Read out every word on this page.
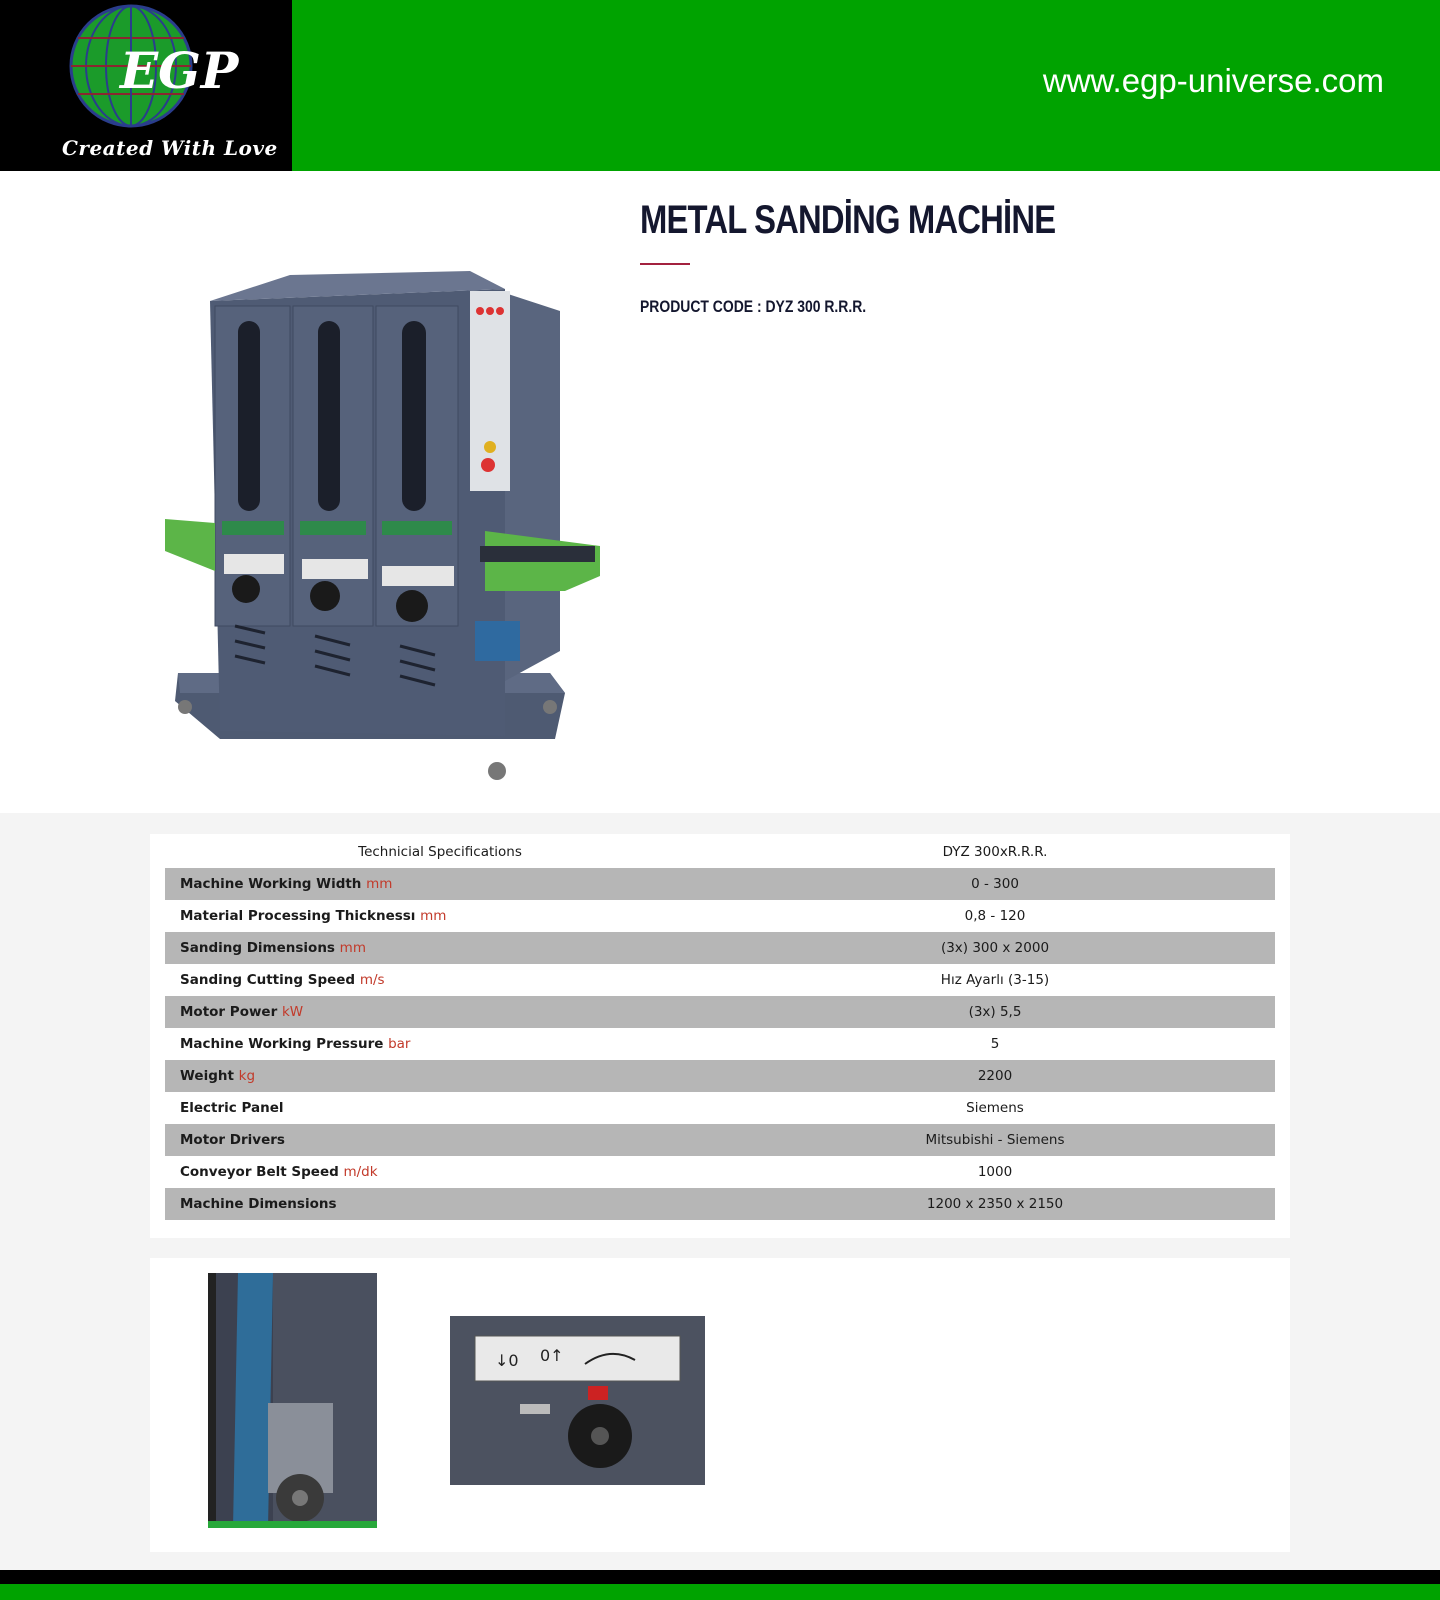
EGP
Created With Love
www.egp-universe.com
METAL SANDİNG MACHİNE
PRODUCT CODE : DYZ 300 R.R.R.
Technicial Specifications	DYZ 300xR.R.R.
Machine Working Width mm	0 - 300
Material Processing Thicknessı mm	0,8 - 120
Sanding Dimensions mm	(3x) 300 x 2000
Sanding Cutting Speed m/s	Hız Ayarlı (3-15)
Motor Power kW	(3x) 5,5
Machine Working Pressure bar	5
Weight kg	2200
Electric Panel	Siemens
Motor Drivers	Mitsubishi - Siemens
Conveyor Belt Speed m/dk	1000
Machine Dimensions	1200 x 2350 x 2150
↓0 0↑
